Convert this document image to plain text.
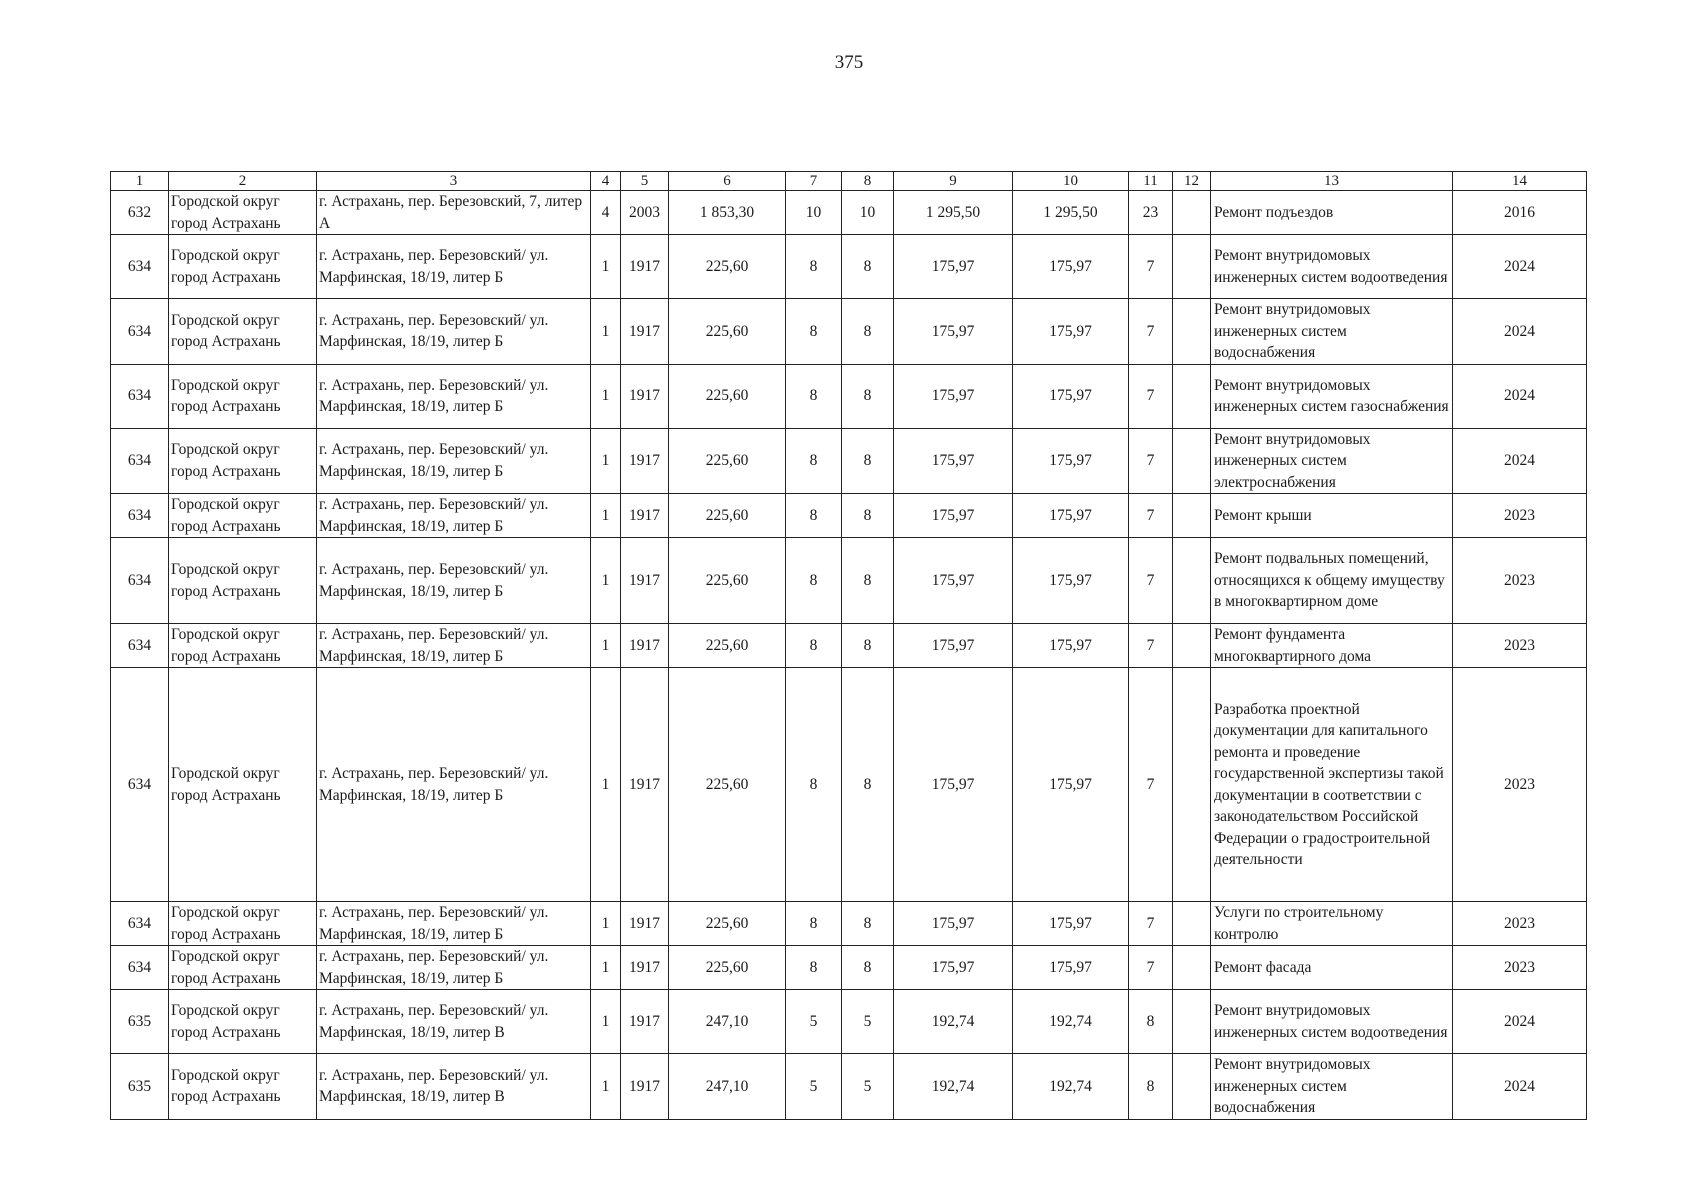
375
1	2	3	4	5	6	7	8	9	10	11	12	13	14
632	Городской округ город Астрахань	г. Астрахань, пер. Березовский, 7, литер А	4	2003	1 853,30	10	10	1 295,50	1 295,50	23		Ремонт подъездов	2016
634	Городской округ город Астрахань	г. Астрахань, пер. Березовский/ ул. Марфинская, 18/19, литер Б	1	1917	225,60	8	8	175,97	175,97	7		Ремонт внутридомовых инженерных систем водоотведения	2024
634	Городской округ город Астрахань	г. Астрахань, пер. Березовский/ ул. Марфинская, 18/19, литер Б	1	1917	225,60	8	8	175,97	175,97	7		Ремонт внутридомовых инженерных систем водоснабжения	2024
634	Городской округ город Астрахань	г. Астрахань, пер. Березовский/ ул. Марфинская, 18/19, литер Б	1	1917	225,60	8	8	175,97	175,97	7		Ремонт внутридомовых инженерных систем газоснабжения	2024
634	Городской округ город Астрахань	г. Астрахань, пер. Березовский/ ул. Марфинская, 18/19, литер Б	1	1917	225,60	8	8	175,97	175,97	7		Ремонт внутридомовых инженерных систем электроснабжения	2024
634	Городской округ город Астрахань	г. Астрахань, пер. Березовский/ ул. Марфинская, 18/19, литер Б	1	1917	225,60	8	8	175,97	175,97	7		Ремонт крыши	2023
634	Городской округ город Астрахань	г. Астрахань, пер. Березовский/ ул. Марфинская, 18/19, литер Б	1	1917	225,60	8	8	175,97	175,97	7		Ремонт подвальных помещений, относящихся к общему имуществу в многоквартирном доме	2023
634	Городской округ город Астрахань	г. Астрахань, пер. Березовский/ ул. Марфинская, 18/19, литер Б	1	1917	225,60	8	8	175,97	175,97	7		Ремонт фундамента многоквартирного дома	2023
634	Городской округ город Астрахань	г. Астрахань, пер. Березовский/ ул. Марфинская, 18/19, литер Б	1	1917	225,60	8	8	175,97	175,97	7		Разработка проектной документации для капитального ремонта и проведение государственной экспертизы такой документации в соответствии с законодательством Российской Федерации о градостроительной деятельности	2023
634	Городской округ город Астрахань	г. Астрахань, пер. Березовский/ ул. Марфинская, 18/19, литер Б	1	1917	225,60	8	8	175,97	175,97	7		Услуги по строительному контролю	2023
634	Городской округ город Астрахань	г. Астрахань, пер. Березовский/ ул. Марфинская, 18/19, литер Б	1	1917	225,60	8	8	175,97	175,97	7		Ремонт фасада	2023
635	Городской округ город Астрахань	г. Астрахань, пер. Березовский/ ул. Марфинская, 18/19, литер В	1	1917	247,10	5	5	192,74	192,74	8		Ремонт внутридомовых инженерных систем водоотведения	2024
635	Городской округ город Астрахань	г. Астрахань, пер. Березовский/ ул. Марфинская, 18/19, литер В	1	1917	247,10	5	5	192,74	192,74	8		Ремонт внутридомовых инженерных систем водоснабжения	2024
